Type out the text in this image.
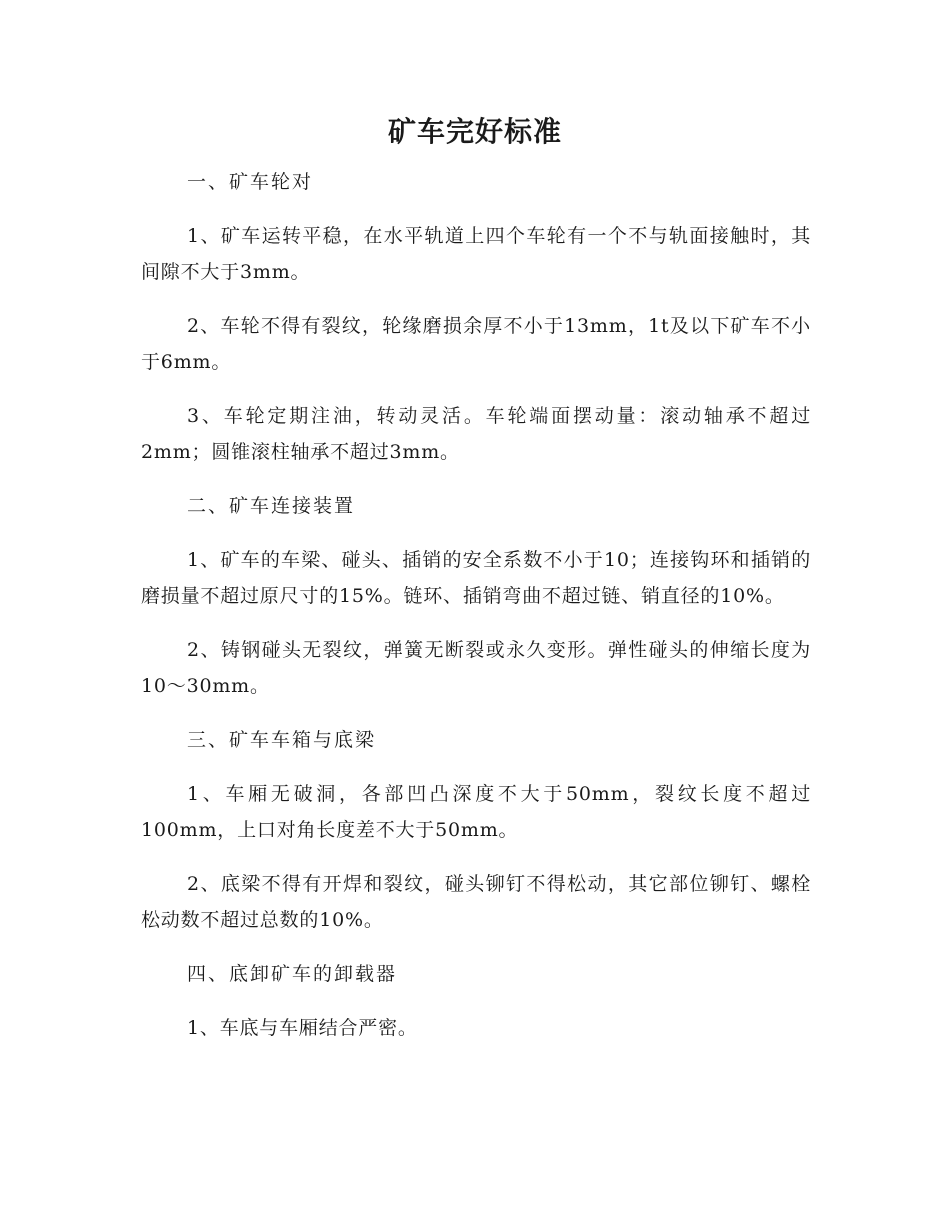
矿车完好标准
一、矿车轮对

1、矿车运转平稳，在水平轨道上四个车轮有一个不与轨面接触时，其间隙不大于3mm。

2、车轮不得有裂纹，轮缘磨损余厚不小于13mm，1t及以下矿车不小于6mm。

3、车轮定期注油，转动灵活。车轮端面摆动量：滚动轴承不超过2mm；圆锥滚柱轴承不超过3mm。

二、矿车连接装置

1、矿车的车梁、碰头、插销的安全系数不小于10；连接钩环和插销的磨损量不超过原尺寸的15%。链环、插销弯曲不超过链、销直径的10%。

2、铸钢碰头无裂纹，弹簧无断裂或永久变形。弹性碰头的伸缩长度为10～30mm。

三、矿车车箱与底梁

1、车厢无破洞，各部凹凸深度不大于50mm，裂纹长度不超过100mm，上口对角长度差不大于50mm。

2、底梁不得有开焊和裂纹，碰头铆钉不得松动，其它部位铆钉、螺栓松动数不超过总数的10%。

四、底卸矿车的卸载器

1、车底与车厢结合严密。
